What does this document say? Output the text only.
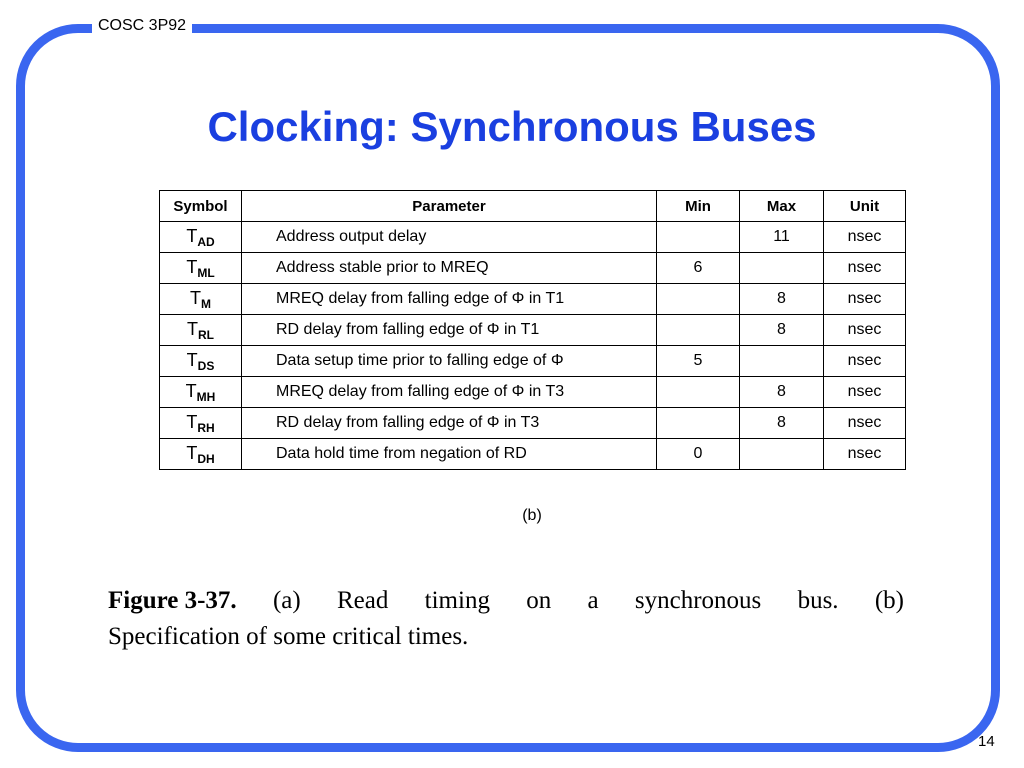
COSC 3P92
Clocking: Synchronous Buses
Symbol	Parameter	Min	Max	Unit
$T_{AD}$	Address output delay		11	nsec
$T_{ML}$	Address stable prior to MREQ	6		nsec
$T_M$	MREQ delay from falling edge of Φ in T1		8	nsec
$T_{RL}$	RD delay from falling edge of Φ in T1		8	nsec
$T_{DS}$	Data setup time prior to falling edge of Φ	5		nsec
$T_{MH}$	MREQ delay from falling edge of Φ in T3		8	nsec
$T_{RH}$	RD delay from falling edge of Φ in T3		8	nsec
$T_{DH}$	Data hold time from negation of RD	0		nsec
(b)
Figure 3-37. (a) Read timing on a synchronous bus. (b)
Specification of some critical times.
14
